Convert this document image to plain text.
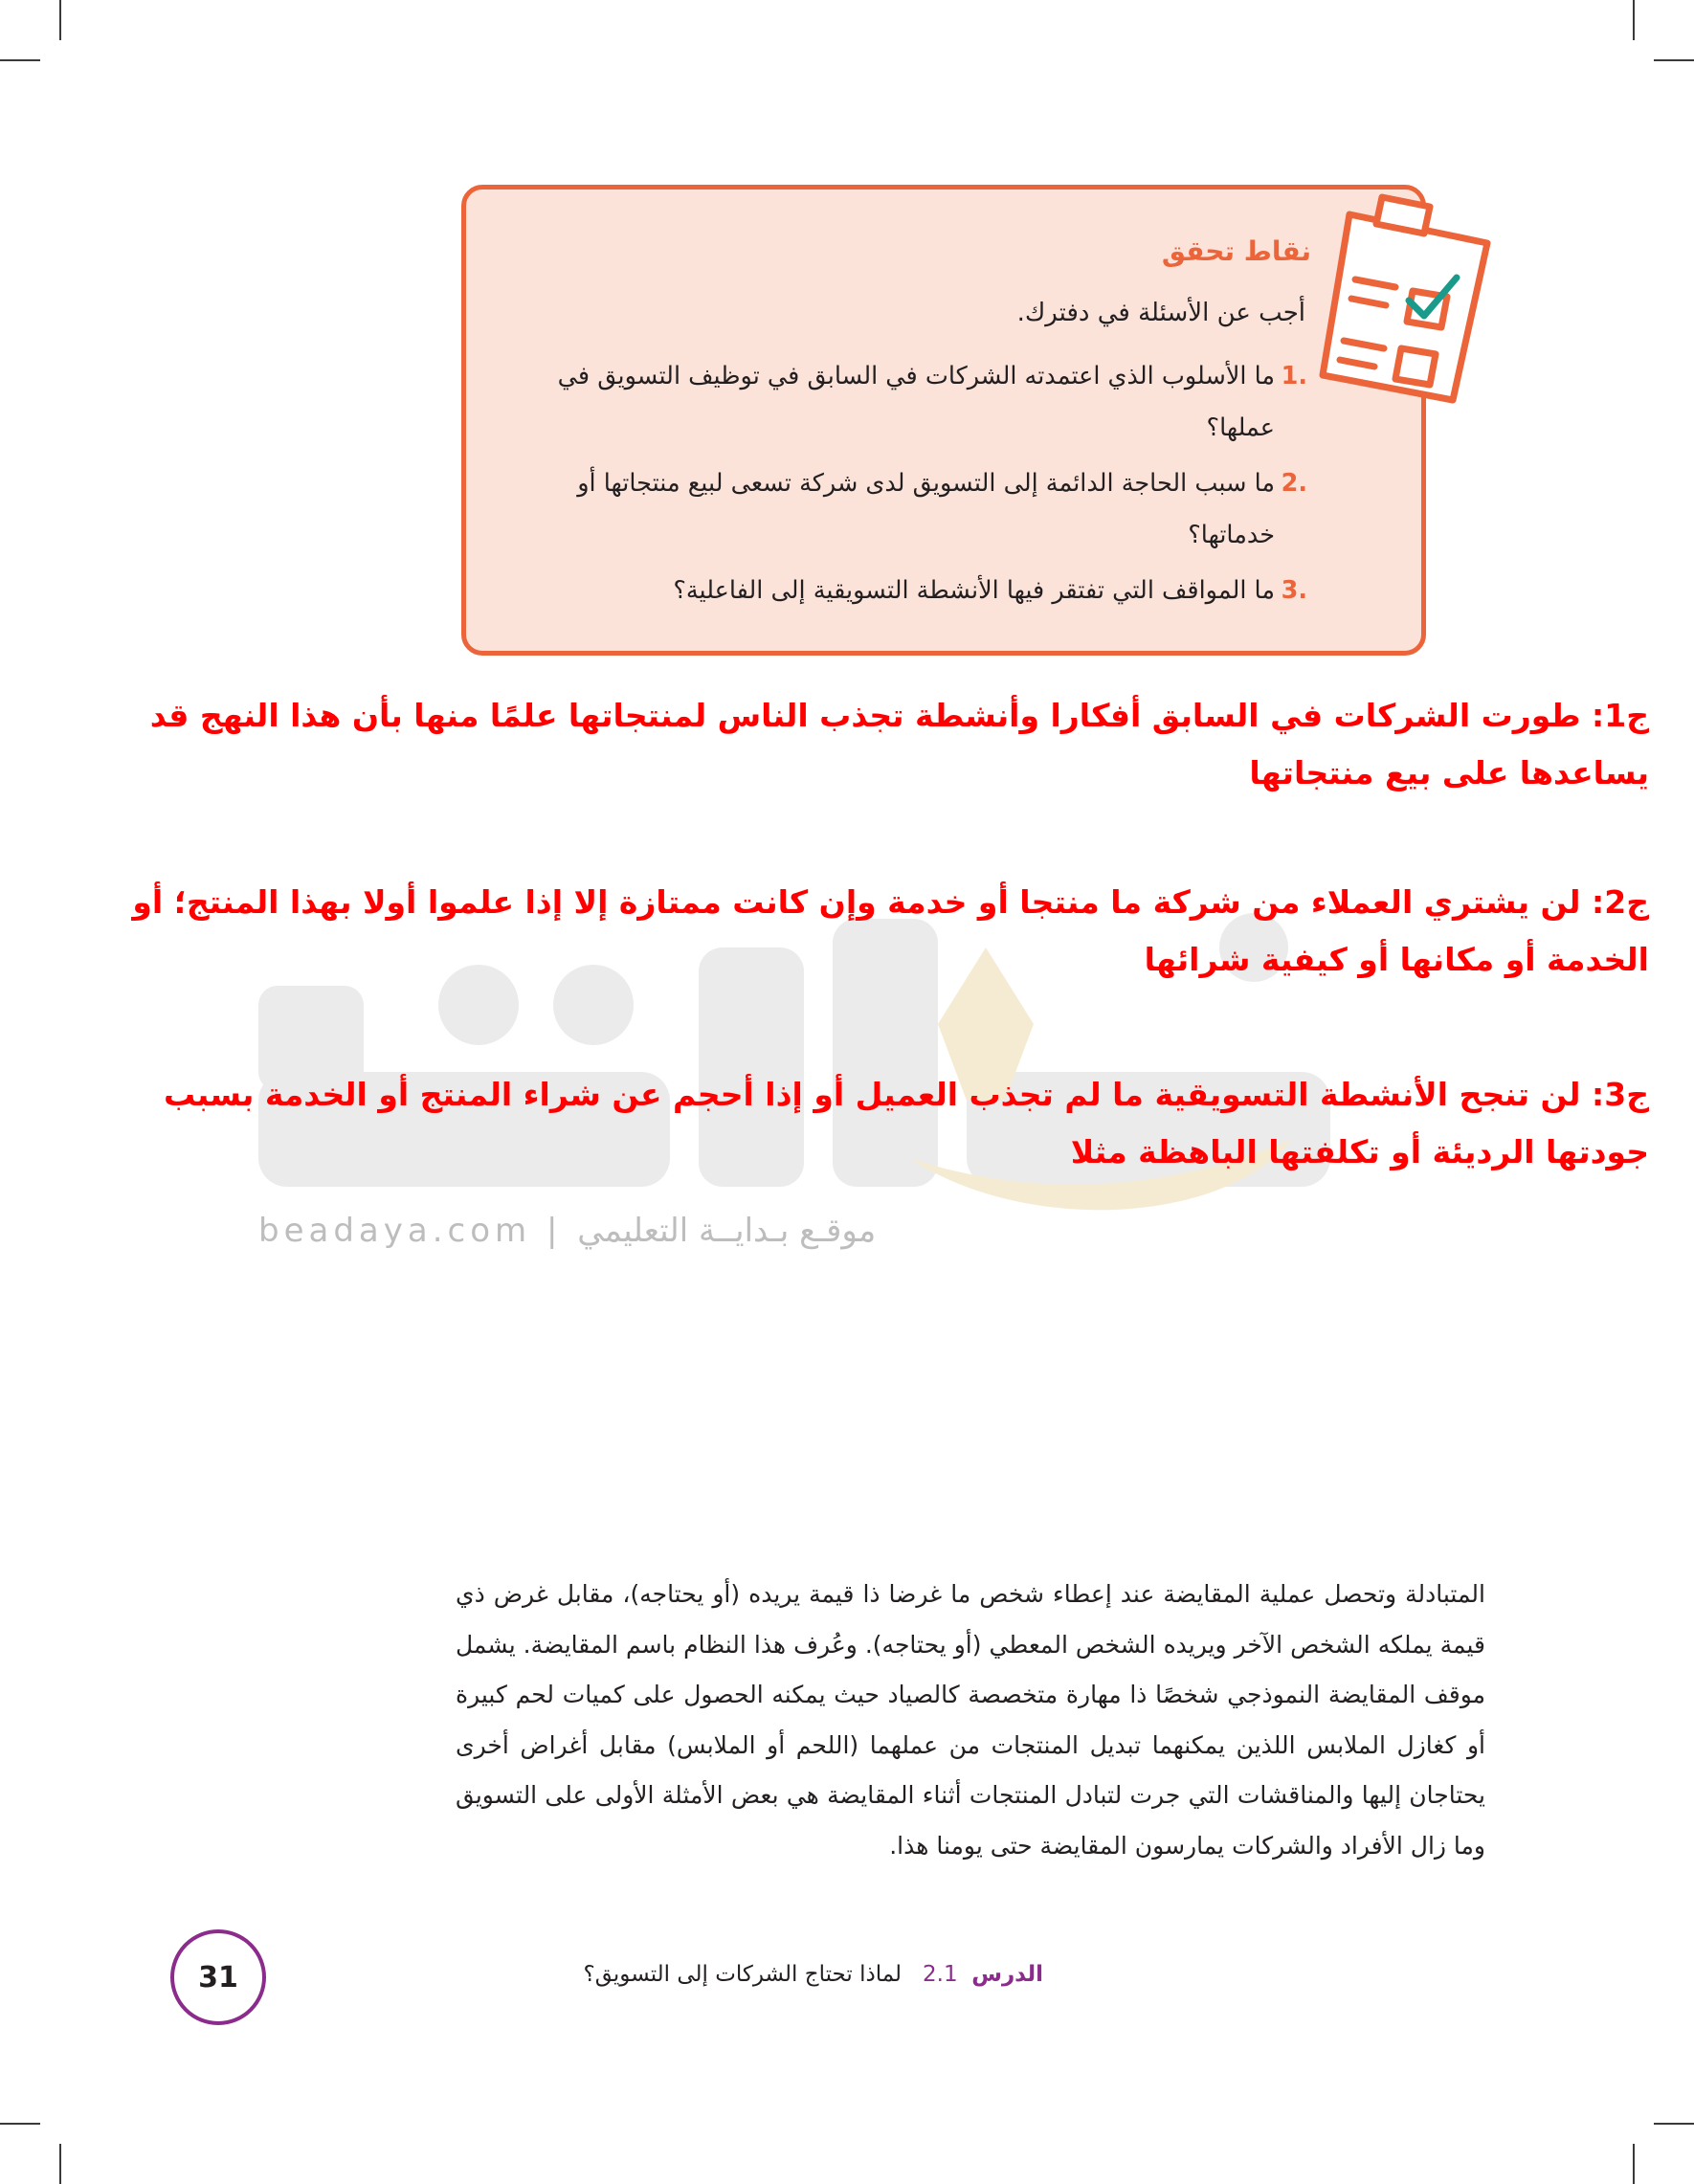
نقاط تحقق
أجب عن الأسئلة في دفترك.
.1
ما الأسلوب الذي اعتمدته الشركات في السابق في توظيف التسويق في عملها؟
.2
ما سبب الحاجة الدائمة إلى التسويق لدى شركة تسعى لبيع منتجاتها أو خدماتها؟
.3
ما المواقف التي تفتقر فيها الأنشطة التسويقية إلى الفاعلية؟
beadaya.com | موقـع بـدايــة التعليمي
ج1: طورت الشركات في السابق أفكارا وأنشطة تجذب الناس لمنتجاتها علمًا منها بأن هذا النهج قد يساعدها على بيع منتجاتها
ج2: لن يشتري العملاء من شركة ما منتجا أو خدمة وإن كانت ممتازة إلا إذا علموا أولا بهذا المنتج؛ أو الخدمة أو مكانها أو كيفية شرائها
ج3: لن تنجح الأنشطة التسويقية ما لم تجذب العميل أو إذا أحجم عن شراء المنتج أو الخدمة بسبب جودتها الرديئة أو تكلفتها الباهظة مثلا
المتبادلة وتحصل عملية المقايضة عند إعطاء شخص ما غرضا ذا قيمة يريده (أو يحتاجه)، مقابل غرض ذي قيمة يملكه الشخص الآخر ويريده الشخص المعطي (أو يحتاجه). وعُرف هذا النظام باسم المقايضة. يشمل موقف المقايضة النموذجي شخصًا ذا مهارة متخصصة كالصياد حيث يمكنه الحصول على كميات لحم كبيرة أو كغازل الملابس اللذين يمكنهما تبديل المنتجات من عملهما (اللحم أو الملابس) مقابل أغراض أخرى يحتاجان إليها والمناقشات التي جرت لتبادل المنتجات أثناء المقايضة هي بعض الأمثلة الأولى على التسويق وما زال الأفراد والشركات يمارسون المقايضة حتى يومنا هذا.
الدرس  2.1   لماذا تحتاج الشركات إلى التسويق؟
31
